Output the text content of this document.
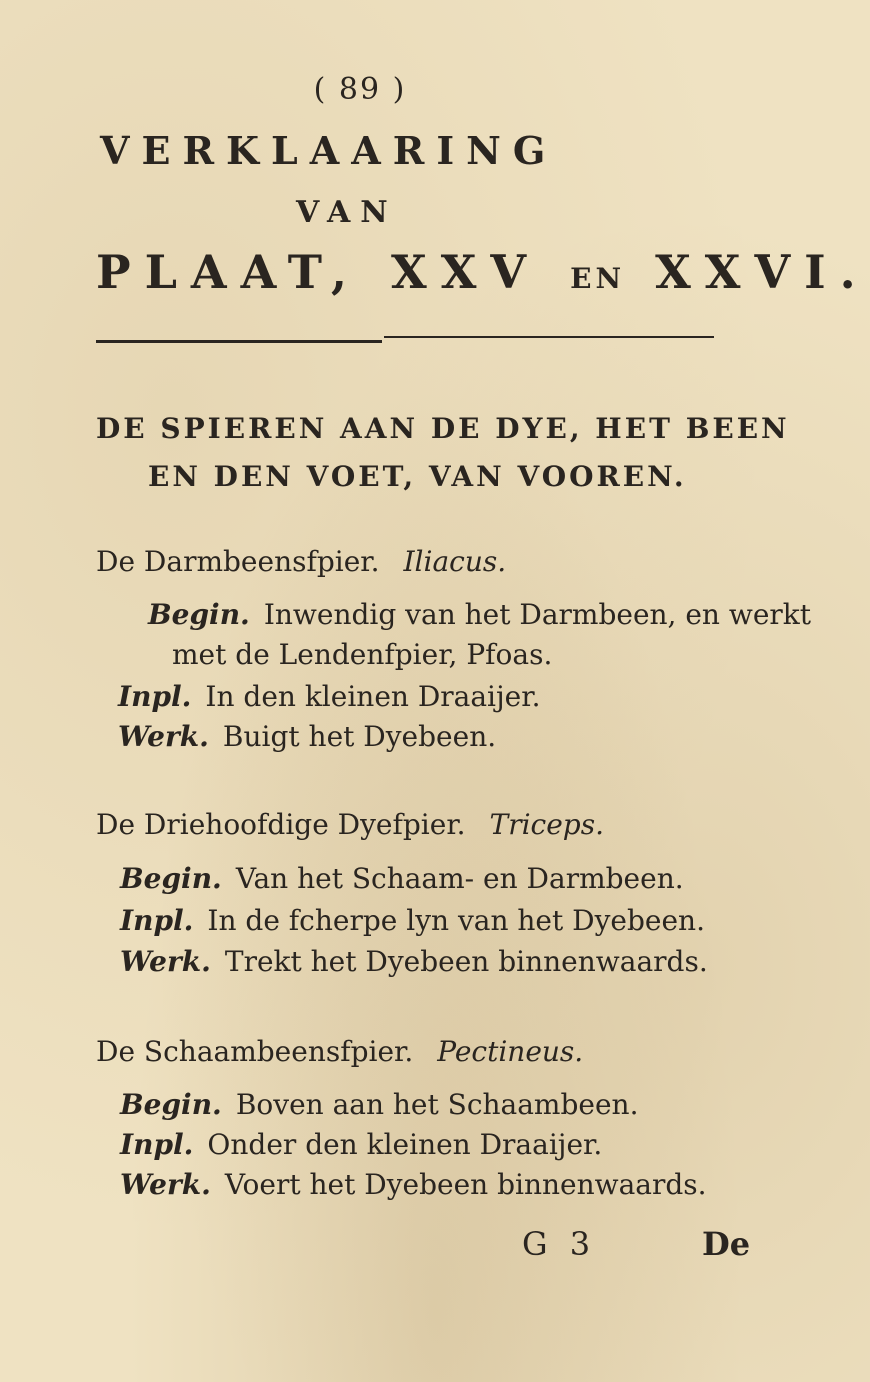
( 89 )
VERKLAARING
VAN
PLAAT, XXV EN XXVI.
DE SPIEREN AAN DE DYE, HET BEEN
EN DEN VOET, VAN VOOREN.
De Darmbeensfpier. Iliacus.
Begin. Inwendig van het Darmbeen, en werkt
met de Lendenfpier, Pfoas.
Inpl. In den kleinen Draaijer.
Werk. Buigt het Dyebeen.
De Driehoofdige Dyefpier. Triceps.
Begin. Van het Schaam- en Darmbeen.
Inpl. In de fcherpe lyn van het Dyebeen.
Werk. Trekt het Dyebeen binnenwaards.
De Schaambeensfpier. Pectineus.
Begin. Boven aan het Schaambeen.
Inpl. Onder den kleinen Draaijer.
Werk. Voert het Dyebeen binnenwaards.
G 3	De
